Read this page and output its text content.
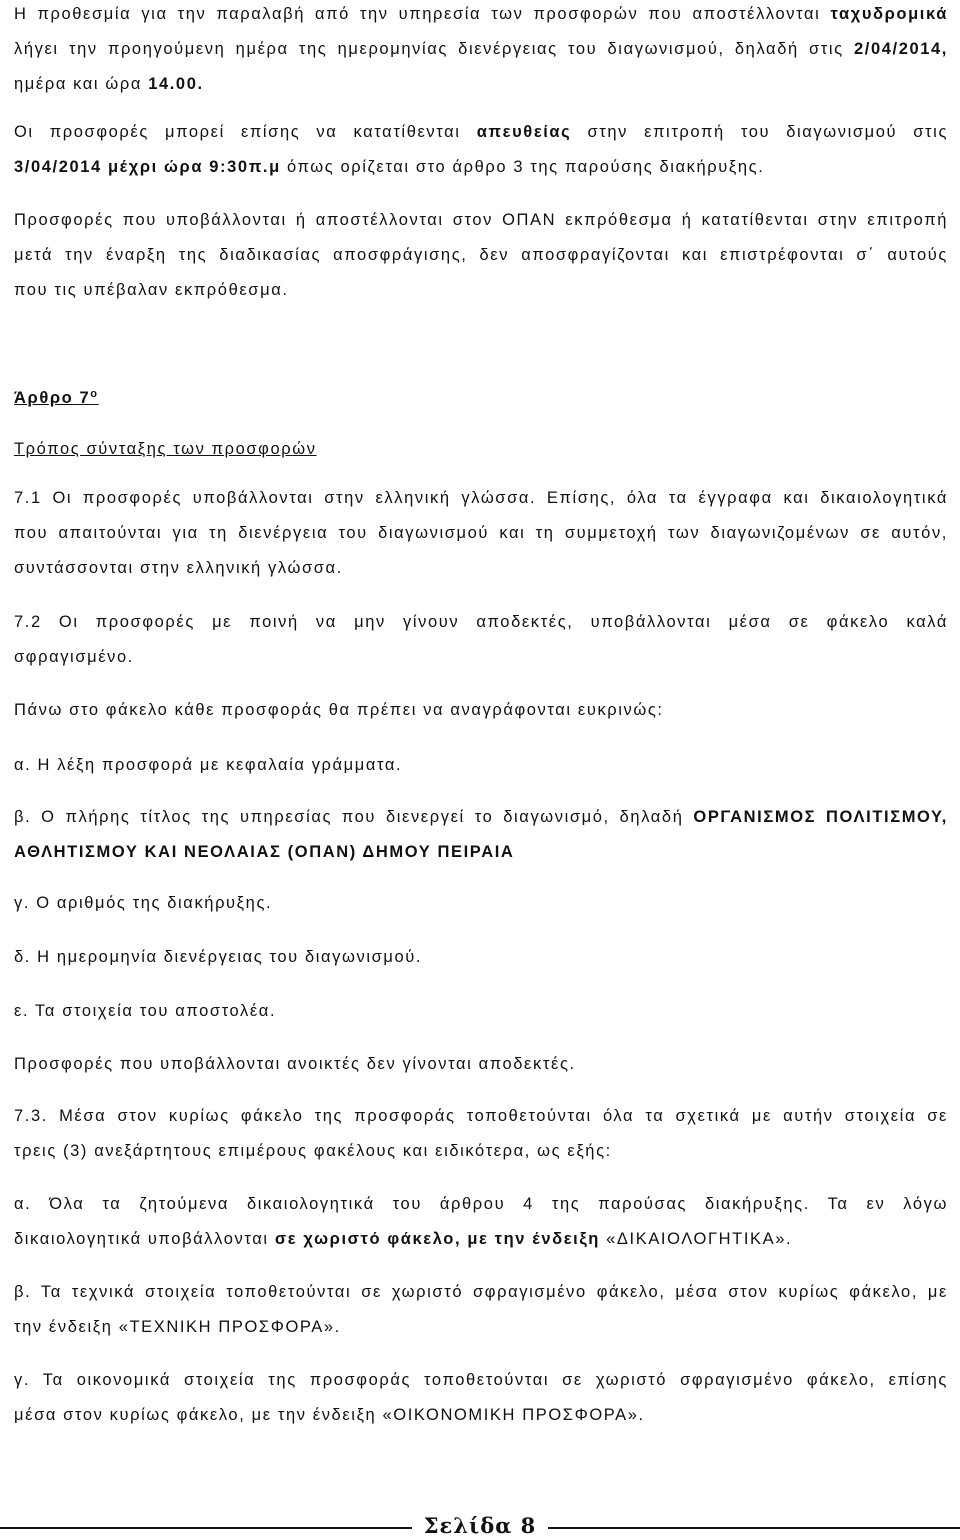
Η προθεσμία για την παραλαβή από την υπηρεσία των προσφορών που αποστέλλονται ταχυδρομικά
λήγει την προηγούμενη ημέρα της ημερομηνίας διενέργειας του διαγωνισμού, δηλαδή στις 2/04/2014,
ημέρα και ώρα 14.00.
Οι προσφορές μπορεί επίσης να κατατίθενται απευθείας στην επιτροπή του διαγωνισμού στις
3/04/2014 μέχρι ώρα 9:30π.μ όπως ορίζεται στο άρθρο 3 της παρούσης διακήρυξης.
Προσφορές που υποβάλλονται ή αποστέλλονται στον ΟΠΑΝ εκπρόθεσμα ή κατατίθενται στην επιτροπή
μετά την έναρξη της διαδικασίας αποσφράγισης, δεν αποσφραγίζονται και επιστρέφονται σ΄ αυτούς
που τις υπέβαλαν εκπρόθεσμα.
Άρθρο $7^o$
Τρόπος σύνταξης των προσφορών
7.1 Οι προσφορές υποβάλλονται στην ελληνική γλώσσα. Επίσης, όλα τα έγγραφα και δικαιολογητικά
που απαιτούνται για τη διενέργεια του διαγωνισμού και τη συμμετοχή των διαγωνιζομένων σε αυτόν,
συντάσσονται στην ελληνική γλώσσα.
7.2 Οι προσφορές με ποινή να μην γίνουν αποδεκτές, υποβάλλονται μέσα σε φάκελο καλά
σφραγισμένο.
Πάνω στο φάκελο κάθε προσφοράς θα πρέπει να αναγράφονται ευκρινώς:
α. Η λέξη προσφορά με κεφαλαία γράμματα.
β. Ο πλήρης τίτλος της υπηρεσίας που διενεργεί το διαγωνισμό, δηλαδή ΟΡΓΑΝΙΣΜΟΣ ΠΟΛΙΤΙΣΜΟΥ,
ΑΘΛΗΤΙΣΜΟΥ ΚΑΙ ΝΕΟΛΑΙΑΣ (ΟΠΑΝ) ΔΗΜΟΥ ΠΕΙΡΑΙΑ
γ. Ο αριθμός της διακήρυξης.
δ. Η ημερομηνία διενέργειας του διαγωνισμού.
ε. Τα στοιχεία του αποστολέα.
Προσφορές που υποβάλλονται ανοικτές δεν γίνονται αποδεκτές.
7.3. Μέσα στον κυρίως φάκελο της προσφοράς τοποθετούνται όλα τα σχετικά με αυτήν στοιχεία σε
τρεις (3) ανεξάρτητους επιμέρους φακέλους και ειδικότερα, ως εξής:
α. Όλα τα ζητούμενα δικαιολογητικά του άρθρου 4 της παρούσας διακήρυξης. Τα εν λόγω
δικαιολογητικά υποβάλλονται σε χωριστό φάκελο, με την ένδειξη «ΔΙΚΑΙΟΛΟΓΗΤΙΚΑ».
β. Τα τεχνικά στοιχεία τοποθετούνται σε χωριστό σφραγισμένο φάκελο, μέσα στον κυρίως φάκελο, με
την ένδειξη «ΤΕΧΝΙΚΗ ΠΡΟΣΦΟΡΑ».
γ. Τα οικονομικά στοιχεία της προσφοράς τοποθετούνται σε χωριστό σφραγισμένο φάκελο, επίσης
μέσα στον κυρίως φάκελο, με την ένδειξη «ΟΙΚΟΝΟΜΙΚΗ ΠΡΟΣΦΟΡΑ».
Σελίδα 8
